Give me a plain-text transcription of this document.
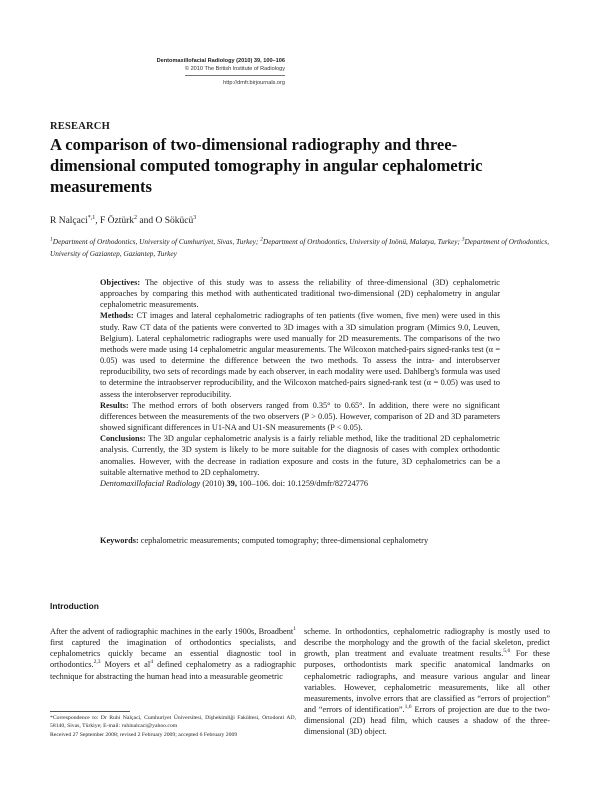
Dentomaxillofacial Radiology (2010) 39, 100–106
© 2010 The British Institute of Radiology
http://dmfr.birjournals.org
RESEARCH
A comparison of two-dimensional radiography and three-dimensional computed tomography in angular cephalometric measurements
R Nalçaci$^{*,1}$, F Öztürk$^2$ and O Sökücü$^3$
$^1$Department of Orthodontics, University of Cumhuriyet, Sivas, Turkey; $^2$Department of Orthodontics, University of Inönü, Malatya, Turkey; $^3$Department of Orthodontics, University of Gaziantep, Gaziantep, Turkey

Objectives: The objective of this study was to assess the reliability of three-dimensional (3D) cephalometric approaches by comparing this method with authenticated traditional two-dimensional (2D) cephalometry in angular cephalometric measurements.

Methods: CT images and lateral cephalometric radiographs of ten patients (five women, five men) were used in this study. Raw CT data of the patients were converted to 3D images with a 3D simulation program (Mimics 9.0, Leuven, Belgium). Lateral cephalometric radiographs were used manually for 2D measurements. The comparisons of the two methods were made using 14 cephalometric angular measurements. The Wilcoxon matched-pairs signed-ranks test (α = 0.05) was used to determine the difference between the two methods. To assess the intra- and interobserver reproducibility, two sets of recordings made by each observer, in each modality were used. Dahlberg's formula was used to determine the intraobserver reproducibility, and the Wilcoxon matched-pairs signed-rank test (α = 0.05) was used to assess the interobserver reproducibility.

Results: The method errors of both observers ranged from 0.35° to 0.65°. In addition, there were no significant differences between the measurements of the two observers (P > 0.05). However, comparison of 2D and 3D parameters showed significant differences in U1-NA and U1-SN measurements (P < 0.05).

Conclusions: The 3D angular cephalometric analysis is a fairly reliable method, like the traditional 2D cephalometric analysis. Currently, the 3D system is likely to be more suitable for the diagnosis of cases with complex orthodontic anomalies. However, with the decrease in radiation exposure and costs in the future, 3D cephalometrics can be a suitable alternative method to 2D cephalometry.

Dentomaxillofacial Radiology (2010) 39, 100–106. doi: 10.1259/dmfr/82724776

Keywords: cephalometric measurements; computed tomography; three-dimensional cephalometry
Introduction

After the advent of radiographic machines in the early 1900s, Broadbent$^1$ first captured the imagination of orthodontics specialists, and cephalometrics quickly became an essential diagnostic tool in orthodontics.$^{2,3}$ Moyers et $al^4$ defined cephalometry as a radiographic technique for abstracting the human head into a measurable geometric

scheme. In orthodontics, cephalometric radiography is mostly used to describe the morphology and the growth of the facial skeleton, predict growth, plan treatment and evaluate treatment results.$^{5,6}$ For these purposes, orthodontists mark specific anatomical landmarks on cephalometric radiographs, and measure various angular and linear variables. However, cephalometric measurements, like all other measurements, involve errors that are classified as “errors of projection” and “errors of identification”.$^{1,6}$ Errors of projection are due to the two-dimensional (2D) head film, which causes a shadow of the three-dimensional (3D) object.

*Correspondence to: Dr Ruhi Nalçaci, Cumhuriyet Üniversitesi, Dişhekimliği Fakültesi, Ortodonti AD, 58140, Sivas, Türkiye; E-mail: ruhinalcaci@yahoo.com

Received 27 September 2008; revised 2 February 2009; accepted 6 February 2009
